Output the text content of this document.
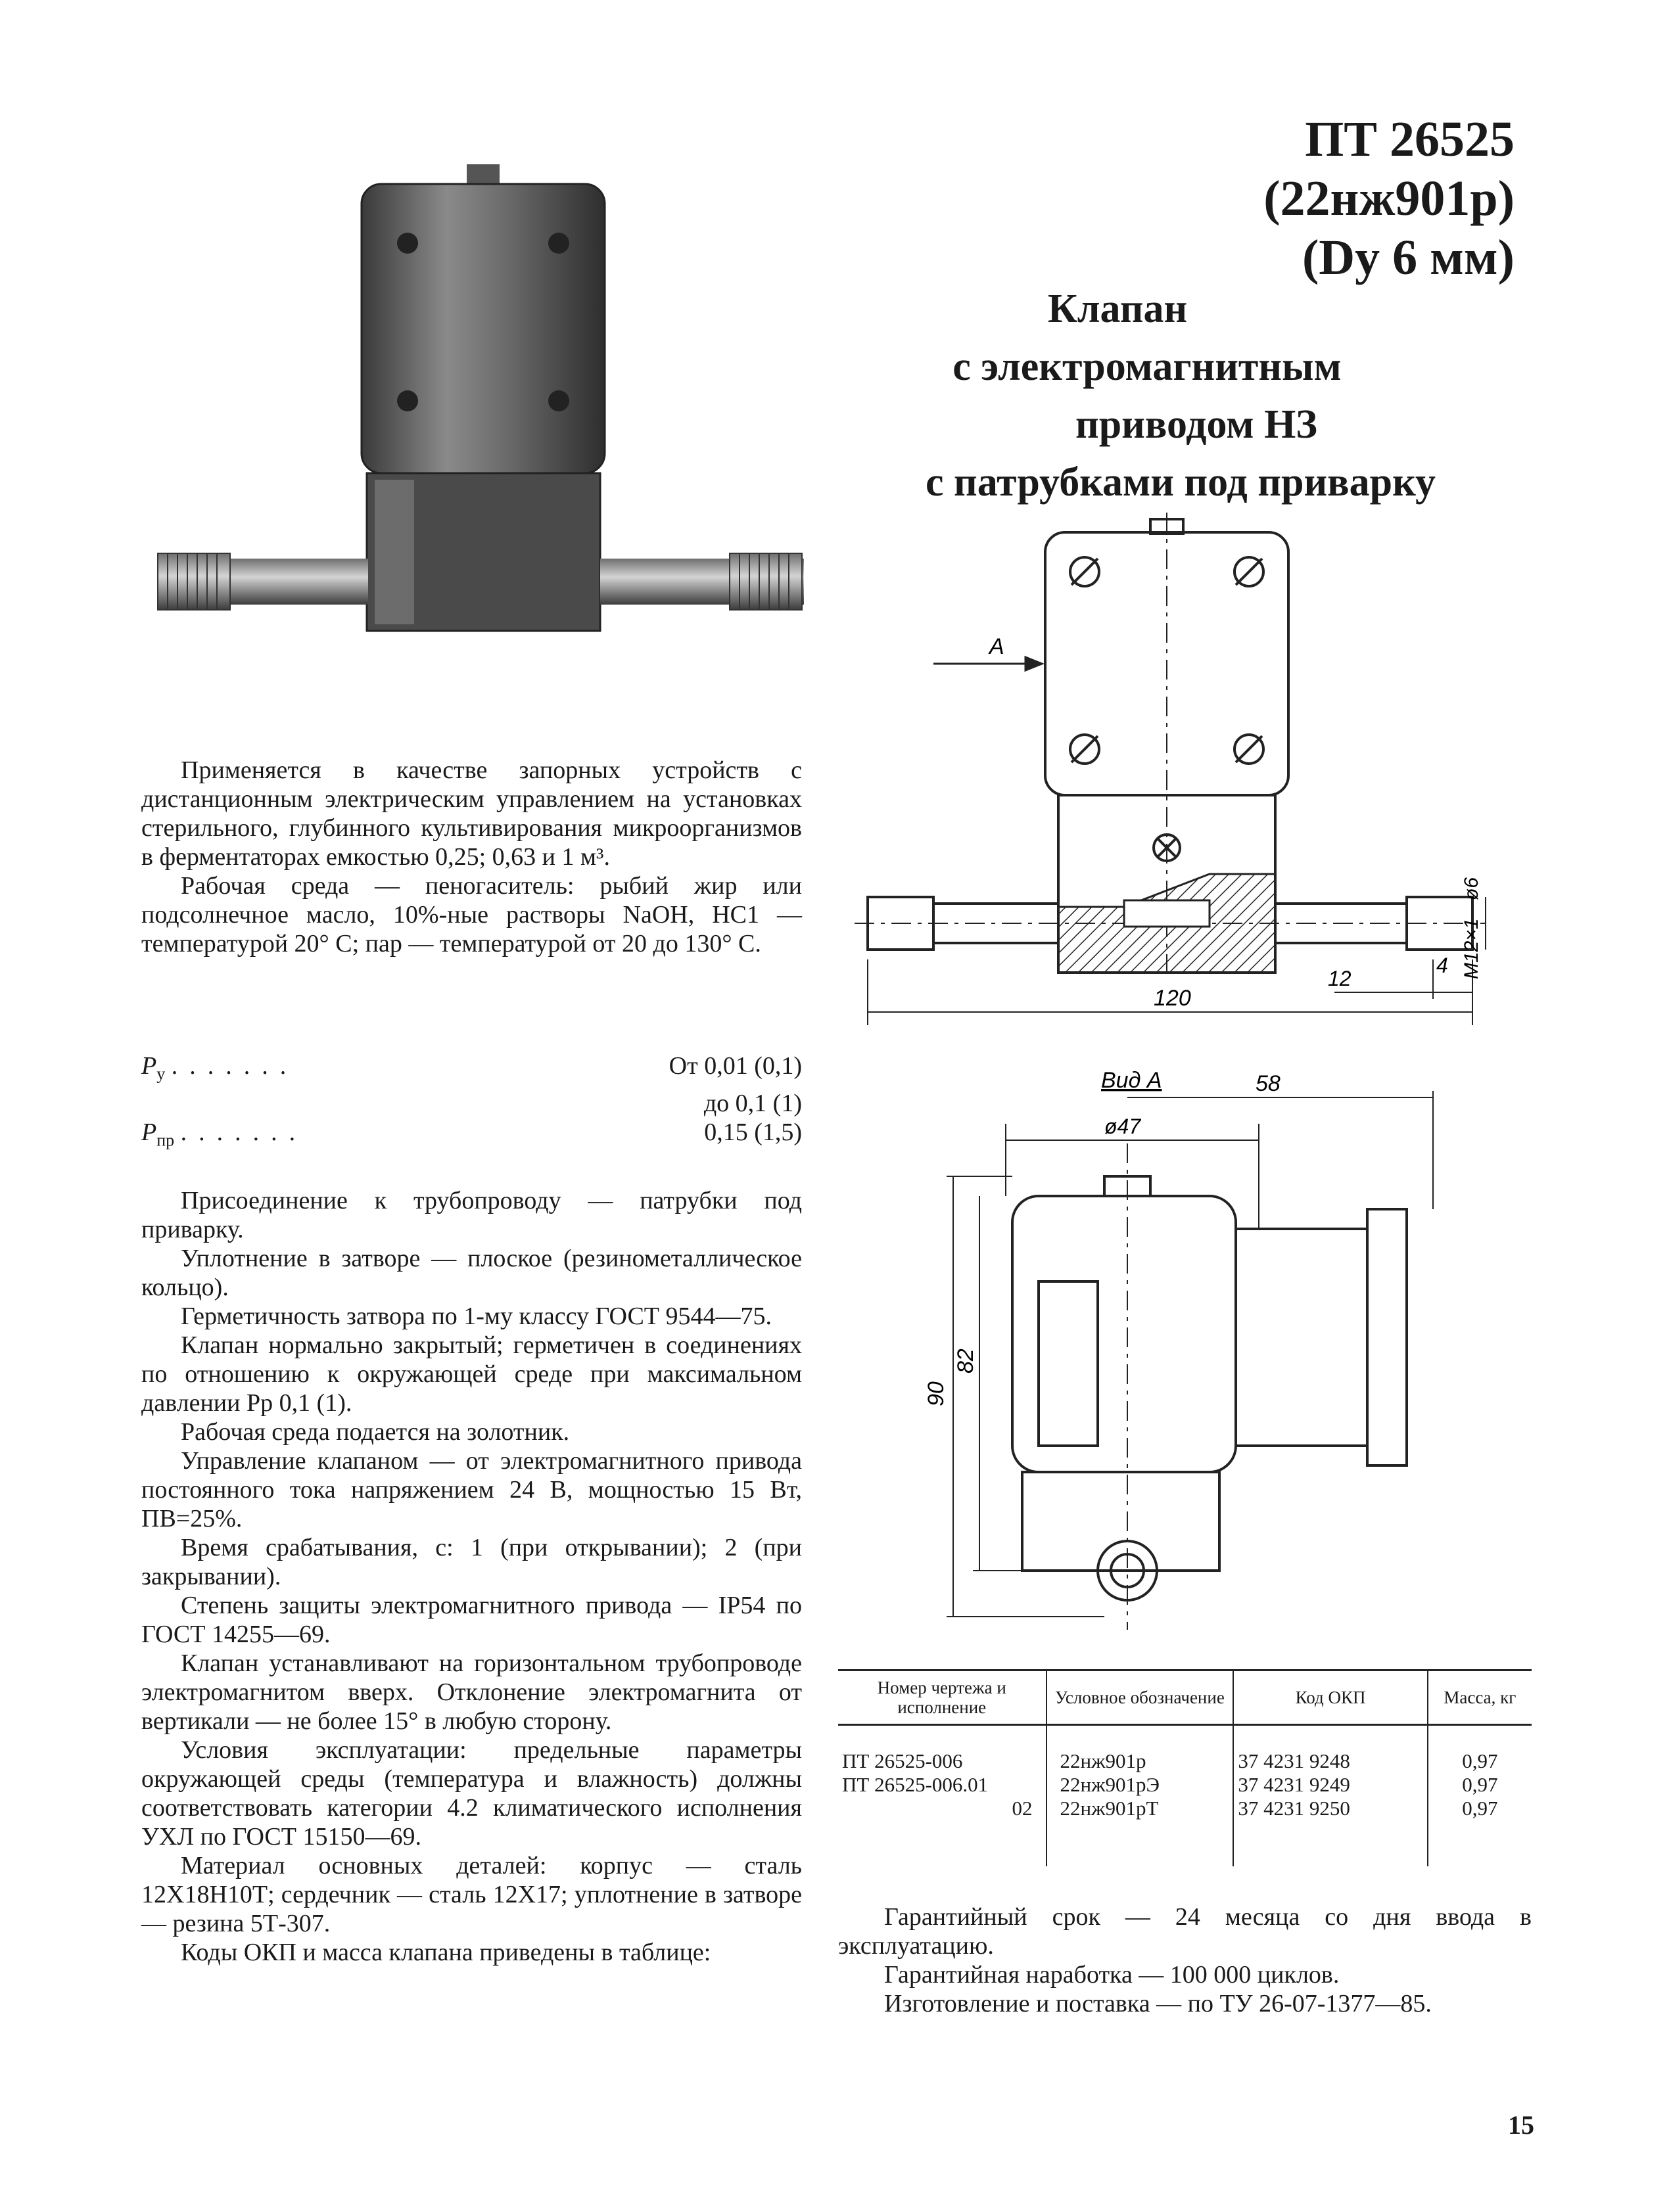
ПТ 26525
(22нж901р)
(Dу 6 мм)
Клапан
с электромагнитным
приводом НЗ
с патрубками под приварку
А
120
12
4
ø6
М12×1
Вид А	58
ø47
90
82

Применяется в качестве запорных устройств с дистанционным электрическим управлением на установках стерильного, глубинного культивирования микроорганизмов в ферментаторах емкостью 0,25; 0,63 и 1 м³.

Рабочая среда — пеногаситель: рыбий жир или подсолнечное масло, 10%-ные растворы NaOH, НС1 — температурой 20° С; пар — температурой от 20 до 130° С.

$P_у$ .......	От 0,01 (0,1)
до 0,1 (1)
$P_{пр}$ .......	0,15 (1,5)

Присоединение к трубопроводу — патрубки под приварку.

Уплотнение в затворе — плоское (резинометаллическое кольцо).

Герметичность затвора по 1-му классу ГОСТ 9544—75.

Клапан нормально закрытый; герметичен в соединениях по отношению к окружающей среде при максимальном давлении Pр 0,1 (1).

Рабочая среда подается на золотник.

Управление клапаном — от электромагнитного привода постоянного тока напряжением 24 В, мощностью 15 Вт, ПВ=25%.

Время срабатывания, с: 1 (при открывании); 2 (при закрывании).

Степень защиты электромагнитного привода — IP54 по ГОСТ 14255—69.

Клапан устанавливают на горизонтальном трубопроводе электромагнитом вверх. Отклонение электромагнита от вертикали — не более 15° в любую сторону.

Условия эксплуатации: предельные параметры окружающей среды (температура и влажность) должны соответствовать категории 4.2 климатического исполнения УХЛ по ГОСТ 15150—69.

Материал основных деталей: корпус — сталь 12Х18Н10Т; сердечник — сталь 12Х17; уплотнение в затворе — резина 5Т-307.

Коды ОКП и масса клапана приведены в таблице:

Номер чертежа и исполнение	Условное обозначение	Код ОКП	Масса, кг
ПТ 26525-006	22нж901р	37 4231 9248	0,97
ПТ 26525-006.01	22нж901рЭ	37 4231 9249	0,97
02	22нж901рТ	37 4231 9250	0,97

Гарантийный срок — 24 месяца со дня ввода в эксплуатацию.

Гарантийная наработка — 100 000 циклов.

Изготовление и поставка — по ТУ 26-07-1377—85.

15
